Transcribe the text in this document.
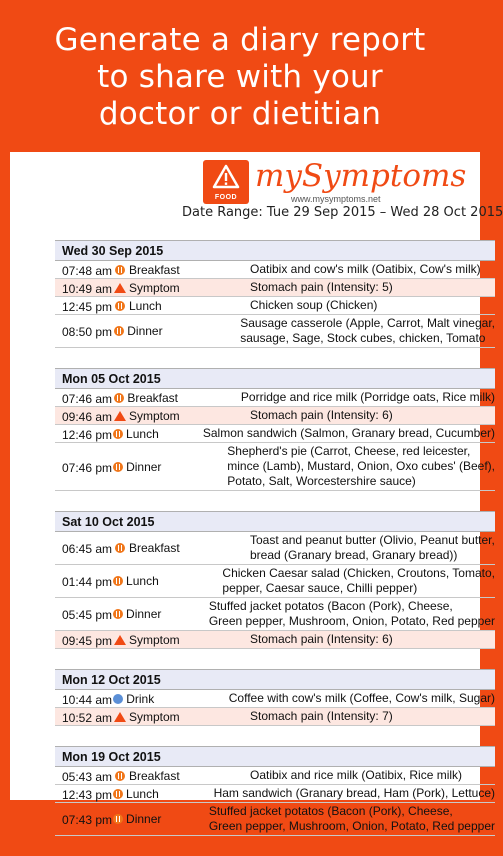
Generate a diary report
to share with your
doctor or dietitian
FOOD
mySymptoms
www.mysymptoms.net
Date Range: Tue 29 Sep 2015 – Wed 28 Oct 2015
Wed 30 Sep 2015
07:48 am Breakfast	Oatibix and cow's milk (Oatibix, Cow's milk)
10:49 am Symptom	Stomach pain (Intensity: 5)
12:45 pm Lunch	Chicken soup (Chicken)
08:50 pm Dinner
Sausage casserole (Apple, Carrot, Malt vinegar,
sausage, Sage, Stock cubes, chicken, Tomato
Mon 05 Oct 2015
07:46 am Breakfast	Porridge and rice milk (Porridge oats, Rice milk)
09:46 am Symptom	Stomach pain (Intensity: 6)
12:46 pm Lunch	Salmon sandwich (Salmon, Granary bread, Cucumber)
07:46 pm Dinner
Shepherd's pie (Carrot, Cheese, red leicester,
mince (Lamb), Mustard, Onion, Oxo cubes' (Beef),
Potato, Salt, Worcestershire sauce)
Sat 10 Oct 2015
06:45 am Breakfast
Toast and peanut butter (Olivio, Peanut butter,
bread (Granary bread, Granary bread))
01:44 pm Lunch
Chicken Caesar salad (Chicken, Croutons, Tomato,
pepper, Caesar sauce, Chilli pepper)
05:45 pm Dinner
Stuffed jacket potatos (Bacon (Pork), Cheese,
Green pepper, Mushroom, Onion, Potato, Red pepper
09:45 pm Symptom	Stomach pain (Intensity: 6)
Mon 12 Oct 2015
10:44 am Drink	Coffee with cow's milk (Coffee, Cow's milk, Sugar)
10:52 am Symptom	Stomach pain (Intensity: 7)
Mon 19 Oct 2015
05:43 am Breakfast	Oatibix and rice milk (Oatibix, Rice milk)
12:43 pm Lunch	Ham sandwich (Granary bread, Ham (Pork), Lettuce)
07:43 pm Dinner
Stuffed jacket potatos (Bacon (Pork), Cheese,
Green pepper, Mushroom, Onion, Potato, Red pepper
